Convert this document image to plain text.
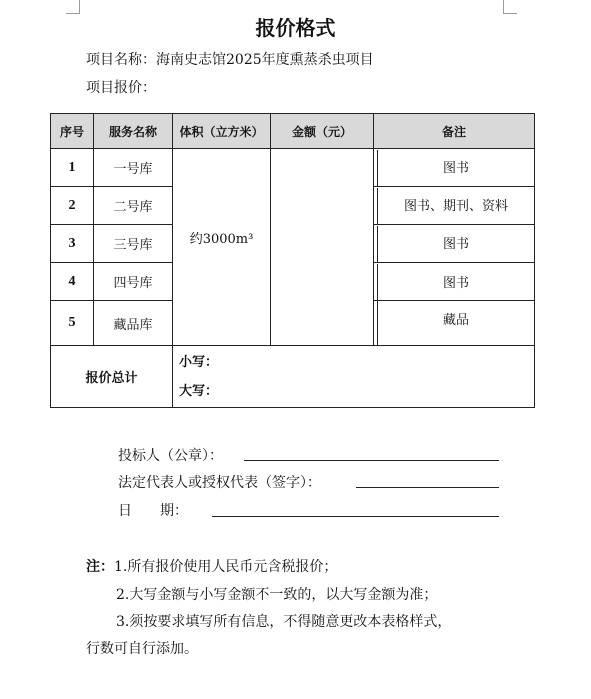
报价格式
项目名称：海南史志馆2025年度熏蒸杀虫项目
项目报价：
序号	服务名称	体积（立方米）	金额（元）	备注
1	一号库	约3000m³		图书

2	二号库			图书、期刊、资料

3	三号库			图书

4	四号库			图书

5	藏品库			藏品

报价总计		小写：
大写：		
投标人（公章）：
法定代表人或授权代表（签字）：
日　　期：
注：1.所有报价使用人民币元含税报价；
2.大写金额与小写金额不一致的，以大写金额为准；
3.须按要求填写所有信息，不得随意更改本表格样式，
行数可自行添加。
